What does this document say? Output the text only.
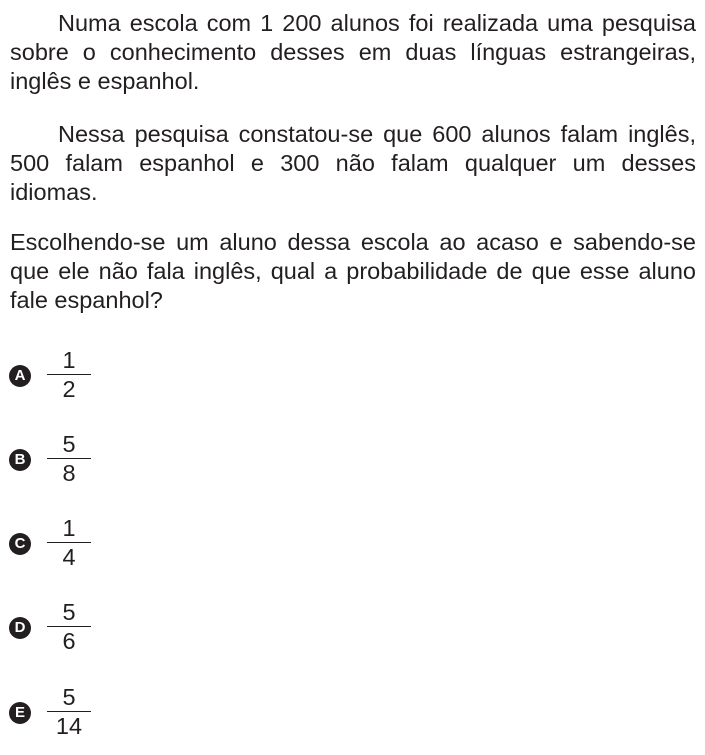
Numa escola com 1 200 alunos foi realizada uma pesquisa sobre o conhecimento desses em duas línguas estrangeiras, inglês e espanhol.
Nessa pesquisa constatou-se que 600 alunos falam inglês, 500 falam espanhol e 300 não falam qualquer um desses idiomas.
Escolhendo-se um aluno dessa escola ao acaso e sabendo-se que ele não fala inglês, qual a probabilidade de que esse aluno fale espanhol?
A
1
2
B
5
8
C
1
4
D
5
6
E
5
14
